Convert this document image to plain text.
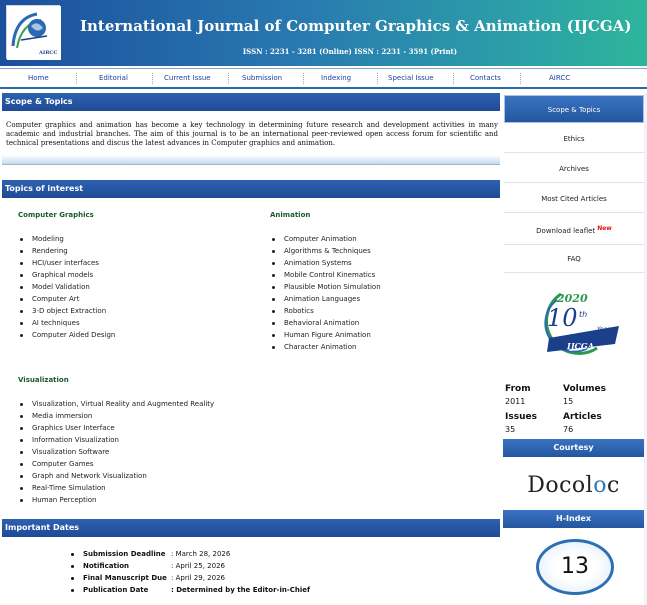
AIRCC
International Journal of Computer Graphics & Animation (IJCGA)
ISSN : 2231 - 3281 (Online) ISSN : 2231 - 3591 (Print)
Home	Editorial	Current Issue	Submission	Indexing	Special Issue	Contacts	AIRCC
Scope & Topics

Computer graphics and animation has become a key technology in determining future research and development activities in many academic and industrial branches. The aim of this journal is to be an international peer-reviewed open access forum for scientific and technical presentations and discus the latest advances in Computer graphics and animation.

Topics of interest
Computer Graphics
Modeling
Rendering
HCI/user interfaces
Graphical models
Model Validation
Computer Art
3-D object Extraction
AI techniques
Computer Aided Design
Animation
Computer Animation
Algorithms & Techniques
Animation Systems
Mobile Control Kinematics
Plausible Motion Simulation
Animation Languages
Robotics
Behavioral Animation
Human Figure Animation
Character Animation
Visualization
Visualization, Virtual Reality and Augmented Reality
Media immersion
Graphics User Interface
Information Visualization
Visualization Software
Computer Games
Graph and Network Visualization
Real-Time Simulation
Human Perception
Important Dates
Submission Deadline : March 28, 2026
Notification	: April 25, 2026
Final Manuscript Due : April 29, 2026
Publication Date	: Determined by the Editor-in-Chief
Scope & Topics
Ethics
Archives
Most Cited Articles
Download leaflet New
FAQ
2020
10 th
Year
IJCGA
From	Volumes
2011	15
Issues	Articles
35	76
Courtesy
Docoloc
H-Index
13
